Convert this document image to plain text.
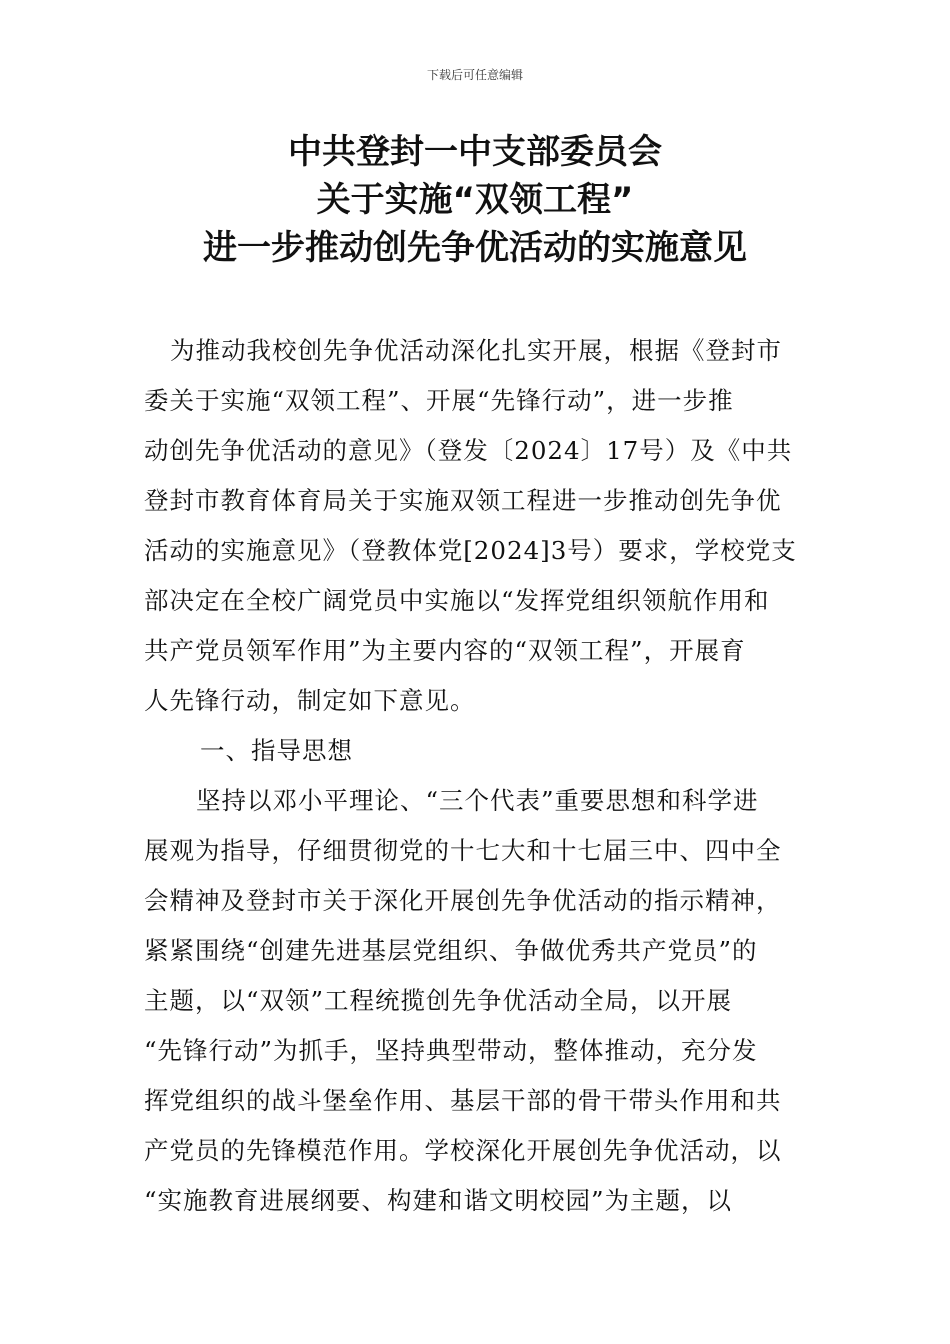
下载后可任意编辑
中共登封一中支部委员会
关于实施“双领工程”
进一步推动创先争优活动的实施意见
为推动我校创先争优活动深化扎实开展，根据《登封市
委关于实施“双领工程”、开展“先锋行动”，进一步推
动创先争优活动的意见》（登发〔2024〕17号）及《中共
登封市教育体育局关于实施双领工程进一步推动创先争优
活动的实施意见》（登教体党[2024]3号）要求，学校党支
部决定在全校广阔党员中实施以“发挥党组织领航作用和
共产党员领军作用”为主要内容的“双领工程”，开展育
人先锋行动，制定如下意见。
一、指导思想
坚持以邓小平理论、“三个代表”重要思想和科学进
展观为指导，仔细贯彻党的十七大和十七届三中、四中全
会精神及登封市关于深化开展创先争优活动的指示精神，
紧紧围绕“创建先进基层党组织、争做优秀共产党员”的
主题，以“双领”工程统揽创先争优活动全局，以开展
“先锋行动”为抓手，坚持典型带动，整体推动，充分发
挥党组织的战斗堡垒作用、基层干部的骨干带头作用和共
产党员的先锋模范作用。学校深化开展创先争优活动，以
“实施教育进展纲要、构建和谐文明校园”为主题，以
